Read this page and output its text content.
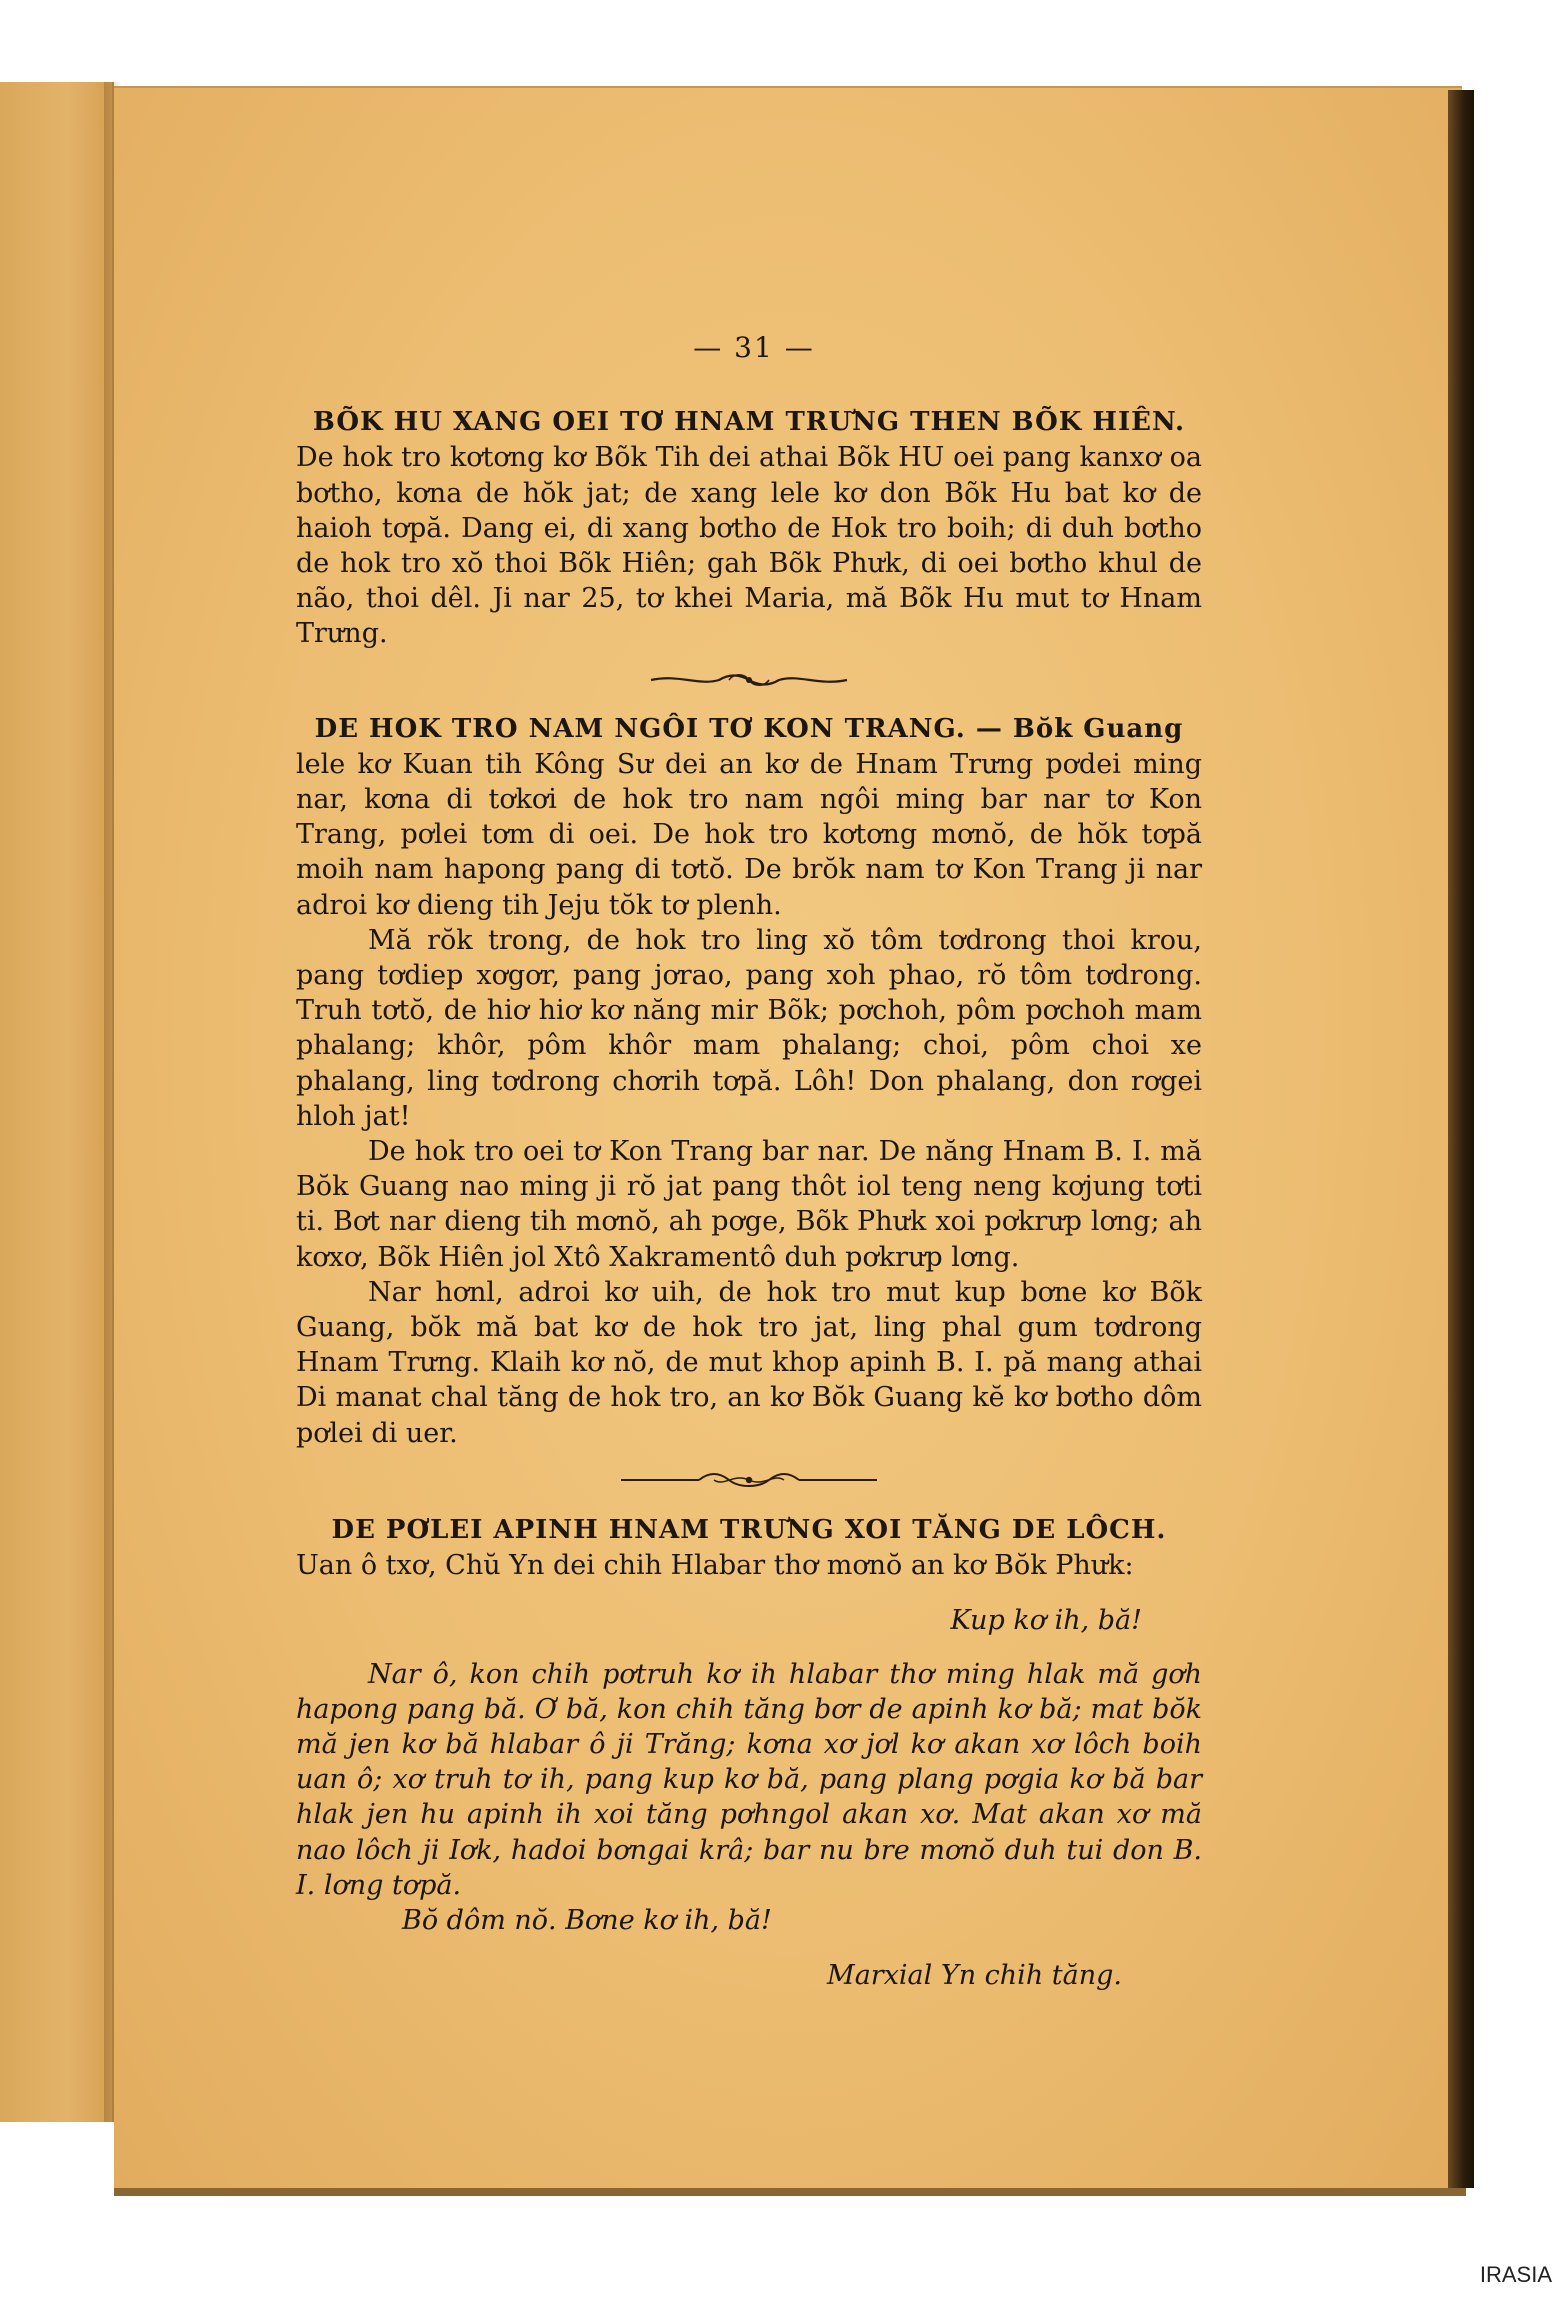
— 31 —

BÕK HU XANG OEI TƠ HNAM TRƯNG THEN BÕK HIÊN.

De hok tro kơtơng kơ Bõk Tih dei athai Bõk HU oei pang kanxơ oa bơtho, kơna de hŏk jat; de xang lele kơ don Bõk Hu bat kơ de haioh tơpă. Dang ei, di xang bơtho de Hok tro boih; di duh bơtho de hok tro xŏ thoi Bõk Hiên; gah Bõk Phưk, di oei bơtho khul de não, thoi dêl. Ji nar 25, tơ khei Maria, mă Bõk Hu mut tơ Hnam Trưng.

DE HOK TRO NAM NGÔI TƠ KON TRANG. — Bŏk Guang

lele kơ Kuan tih Kông Sư dei an kơ de Hnam Trưng pơdei ming nar, kơna di tơkơi de hok tro nam ngôi ming bar nar tơ Kon Trang, pơlei tơm di oei. De hok tro kơtơng mơnŏ, de hŏk tơpă moih nam hapong pang di tơtŏ. De brŏk nam tơ Kon Trang ji nar adroi kơ dieng tih Jeju tŏk tơ plenh.

Mă rŏk trong, de hok tro ling xŏ tôm tơdrong thoi krou, pang tơdiep xơgơr, pang jơrao, pang xoh phao, rŏ tôm tơdrong. Truh tơtŏ, de hiơ hiơ kơ năng mir Bõk; pơchoh, pôm pơchoh mam phalang; khôr, pôm khôr mam phalang; choi, pôm choi xe phalang, ling tơdrong chơrih tơpă. Lôh! Don phalang, don rơgei hloh jat!

De hok tro oei tơ Kon Trang bar nar. De năng Hnam B. I. mă Bŏk Guang nao ming ji rŏ jat pang thôt iol teng neng kơjung tơti ti. Bơt nar dieng tih mơnŏ, ah pơge, Bõk Phưk xoi pơkrưp lơng; ah kơxơ, Bõk Hiên jol Xtô Xakramentô duh pơkrưp lơng.

Nar hơnl, adroi kơ uih, de hok tro mut kup bơne kơ Bõk Guang, bŏk mă bat kơ de hok tro jat, ling phal gum tơdrong Hnam Trưng. Klaih kơ nŏ, de mut khop apinh B. I. pă mang athai Di manat chal tăng de hok tro, an kơ Bŏk Guang kĕ kơ bơtho dôm pơlei di uer.

DE PƠLEI APINH HNAM TRƯNG XOI TĂNG DE LÔCH.

Uan ô txơ, Chŭ Yn dei chih Hlabar thơ mơnŏ an kơ Bŏk Phưk:

Kup kơ ih, bă!

Nar ô, kon chih pơtruh kơ ih hlabar thơ ming hlak mă gơh hapong pang bă. Ơ bă, kon chih tăng bơr de apinh kơ bă; mat bŏk mă jen kơ bă hlabar ô ji Trăng; kơna xơ jơl kơ akan xơ lôch boih uan ô; xơ truh tơ ih, pang kup kơ bă, pang plang pơgia kơ bă bar hlak jen hu apinh ih xoi tăng pơhngol akan xơ. Mat akan xơ mă nao lôch ji Iơk, hadoi bơngai krâ; bar nu bre mơnŏ duh tui don B. I. lơng tơpă.

Bŏ dôm nŏ. Bơne kơ ih, bă!

Marxial Yn chih tăng.

IRASIA
